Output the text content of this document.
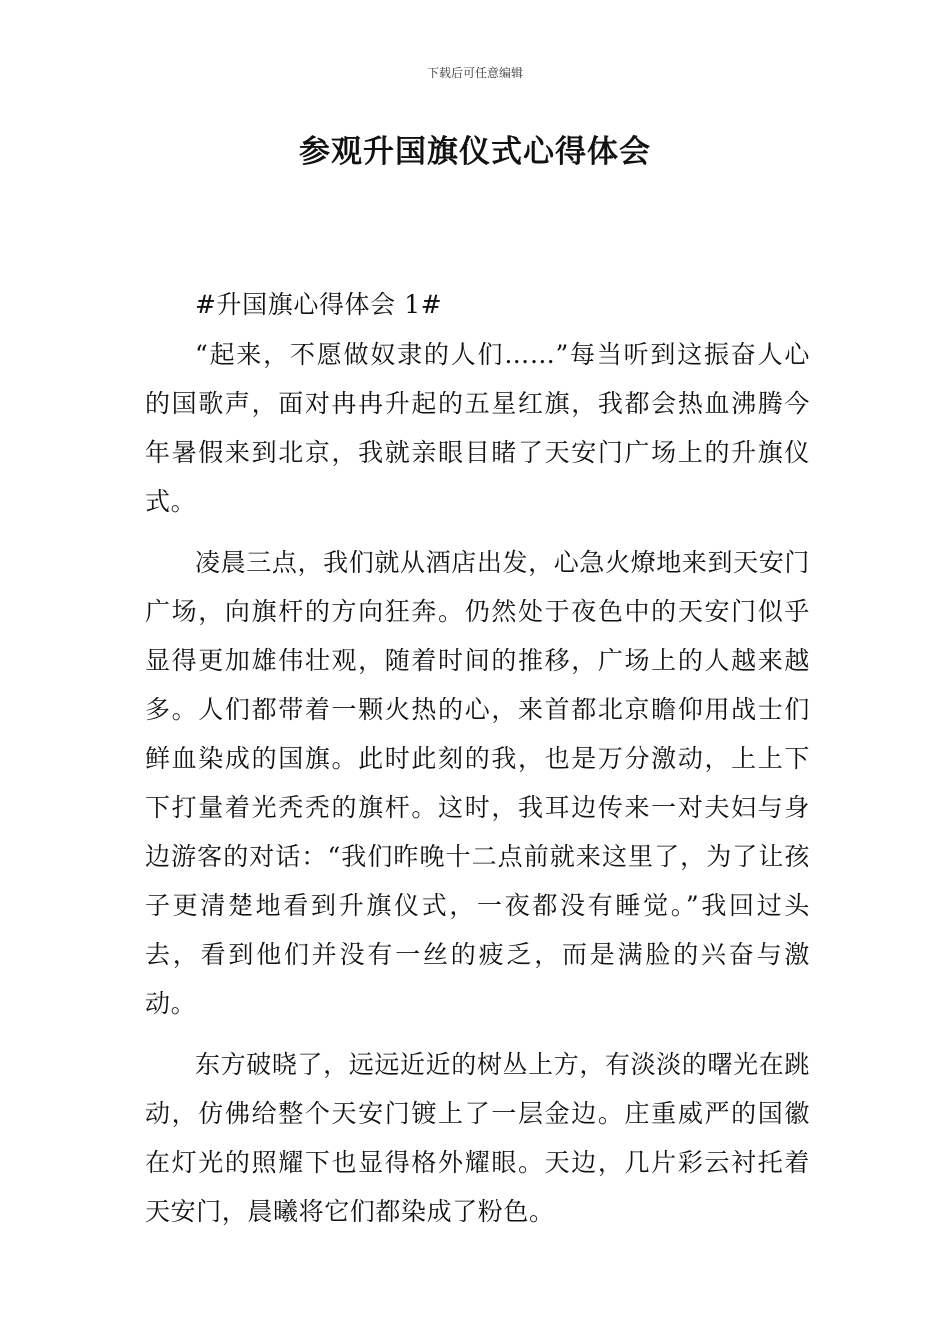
下载后可任意编辑
参观升国旗仪式心得体会

#升国旗心得体会 1#

“起来，不愿做奴隶的人们……”每当听到这振奋人心的国歌声，面对冉冉升起的五星红旗，我都会热血沸腾今年暑假来到北京，我就亲眼目睹了天安门广场上的升旗仪式。

凌晨三点，我们就从酒店出发，心急火燎地来到天安门广场，向旗杆的方向狂奔。仍然处于夜色中的天安门似乎显得更加雄伟壮观，随着时间的推移，广场上的人越来越多。人们都带着一颗火热的心，来首都北京瞻仰用战士们鲜血染成的国旗。此时此刻的我，也是万分激动，上上下下打量着光秃秃的旗杆。这时，我耳边传来一对夫妇与身边游客的对话：“我们昨晚十二点前就来这里了，为了让孩子更清楚地看到升旗仪式，一夜都没有睡觉。”我回过头去，看到他们并没有一丝的疲乏，而是满脸的兴奋与激动。

东方破晓了，远远近近的树丛上方，有淡淡的曙光在跳动，仿佛给整个天安门镀上了一层金边。庄重威严的国徽在灯光的照耀下也显得格外耀眼。天边，几片彩云衬托着天安门，晨曦将它们都染成了粉色。
